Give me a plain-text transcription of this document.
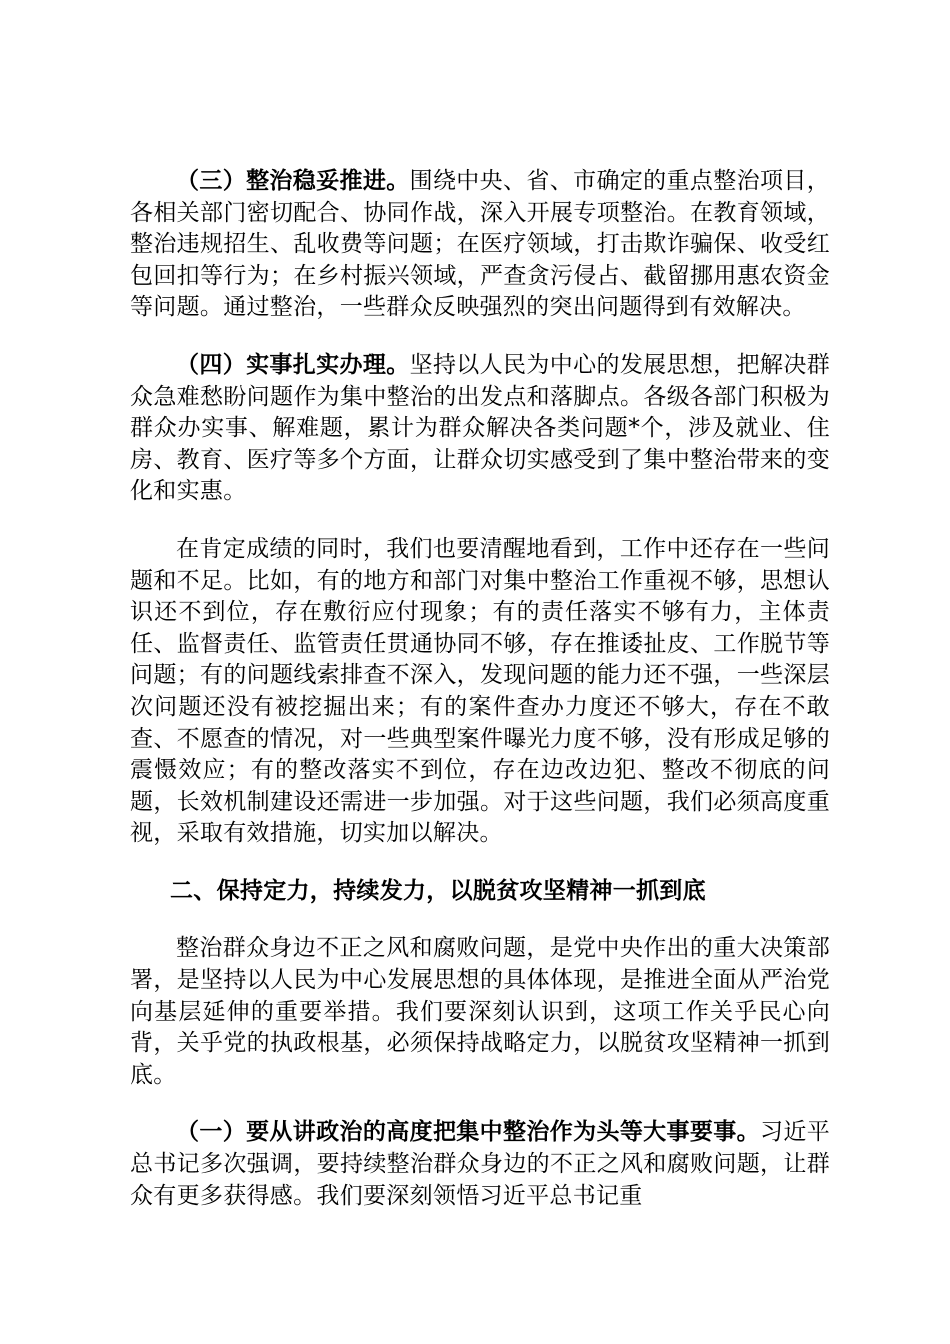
（三）整治稳妥推进。围绕中央、省、市确定的重点整治项目，各相关部门密切配合、协同作战，深入开展专项整治。在教育领域，整治违规招生、乱收费等问题；在医疗领域，打击欺诈骗保、收受红包回扣等行为；在乡村振兴领域，严查贪污侵占、截留挪用惠农资金等问题。通过整治，一些群众反映强烈的突出问题得到有效解决。

（四）实事扎实办理。坚持以人民为中心的发展思想，把解决群众急难愁盼问题作为集中整治的出发点和落脚点。各级各部门积极为群众办实事、解难题，累计为群众解决各类问题*个，涉及就业、住房、教育、医疗等多个方面，让群众切实感受到了集中整治带来的变化和实惠。

在肯定成绩的同时，我们也要清醒地看到，工作中还存在一些问题和不足。比如，有的地方和部门对集中整治工作重视不够，思想认识还不到位，存在敷衍应付现象；有的责任落实不够有力，主体责任、监督责任、监管责任贯通协同不够，存在推诿扯皮、工作脱节等问题；有的问题线索排查不深入，发现问题的能力还不强，一些深层次问题还没有被挖掘出来；有的案件查办力度还不够大，存在不敢查、不愿查的情况，对一些典型案件曝光力度不够，没有形成足够的震慑效应；有的整改落实不到位，存在边改边犯、整改不彻底的问题，长效机制建设还需进一步加强。对于这些问题，我们必须高度重视，采取有效措施，切实加以解决。

二、保持定力，持续发力，以脱贫攻坚精神一抓到底

整治群众身边不正之风和腐败问题，是党中央作出的重大决策部署，是坚持以人民为中心发展思想的具体体现，是推进全面从严治党向基层延伸的重要举措。我们要深刻认识到，这项工作关乎民心向背，关乎党的执政根基，必须保持战略定力，以脱贫攻坚精神一抓到底。

（一）要从讲政治的高度把集中整治作为头等大事要事。习近平总书记多次强调，要持续整治群众身边的不正之风和腐败问题，让群众有更多获得感。我们要深刻领悟习近平总书记重
